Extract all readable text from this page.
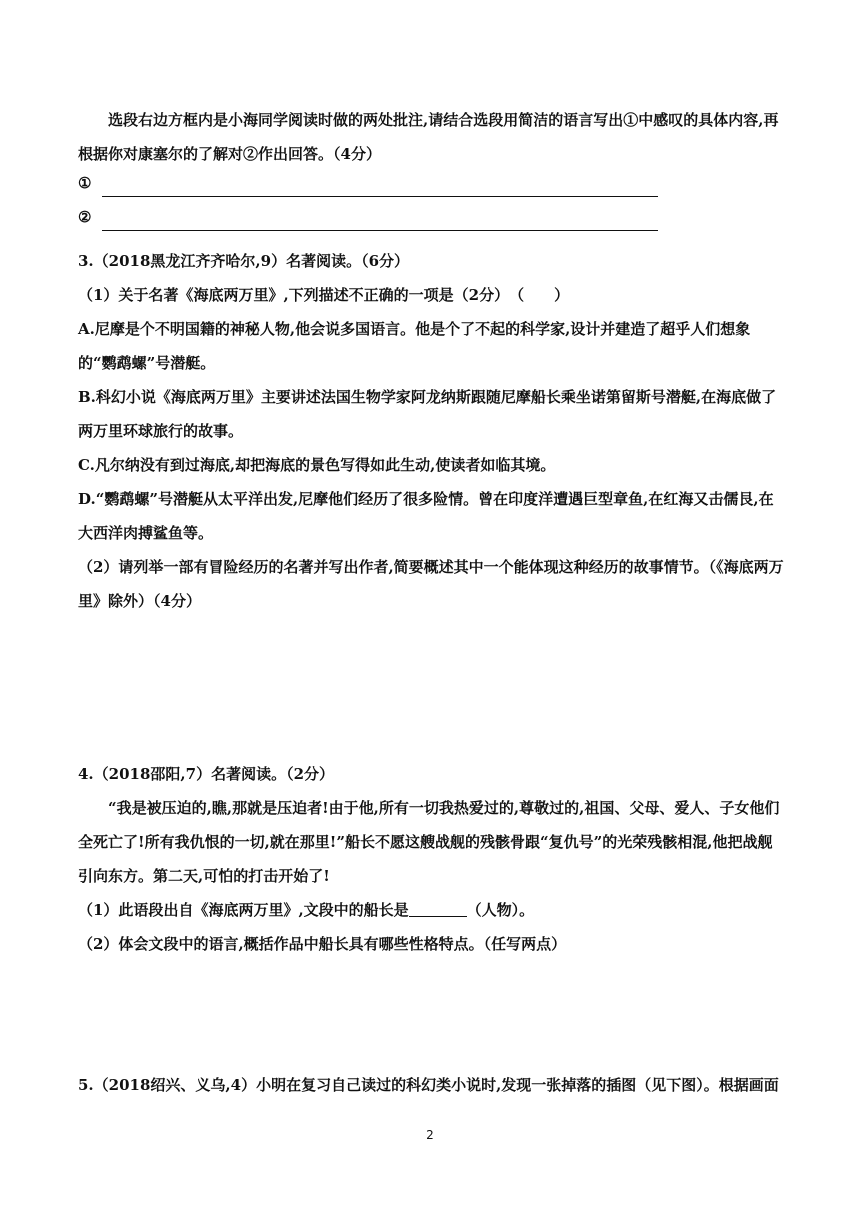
选段右边方框内是小海同学阅读时做的两处批注,请结合选段用简洁的语言写出①中感叹的具体内容,再根据你对康塞尔的了解对②作出回答。（4分）

①
②

3.（2018黑龙江齐齐哈尔,9）名著阅读。（6分）

（1）关于名著《海底两万里》,下列描述不正确的一项是（2分）　（　　）

A.尼摩是个不明国籍的神秘人物,他会说多国语言。他是个了不起的科学家,设计并建造了超乎人们想象的“鹦鹉螺”号潜艇。

B.科幻小说《海底两万里》主要讲述法国生物学家阿龙纳斯跟随尼摩船长乘坐诺第留斯号潜艇,在海底做了两万里环球旅行的故事。

C.凡尔纳没有到过海底,却把海底的景色写得如此生动,使读者如临其境。

D.“鹦鹉螺”号潜艇从太平洋出发,尼摩他们经历了很多险情。曾在印度洋遭遇巨型章鱼,在红海又击儒艮,在大西洋肉搏鲨鱼等。

（2）请列举一部有冒险经历的名著并写出作者,简要概述其中一个能体现这种经历的故事情节。（《海底两万里》除外）（4分）

4.（2018邵阳,7）名著阅读。（2分）

“我是被压迫的,瞧,那就是压迫者!由于他,所有一切我热爱过的,尊敬过的,祖国、父母、爱人、子女他们全死亡了!所有我仇恨的一切,就在那里!”船长不愿这艘战舰的残骸骨跟“复仇号”的光荣残骸相混,他把战舰引向东方。第二天,可怕的打击开始了!

（1）此语段出自《海底两万里》,文段中的船长是	（人物）。

（2）体会文段中的语言,概括作品中船长具有哪些性格特点。（任写两点）

5.（2018绍兴、义乌,4）小明在复习自己读过的科幻类小说时,发现一张掉落的插图（见下图）。根据画面

2
